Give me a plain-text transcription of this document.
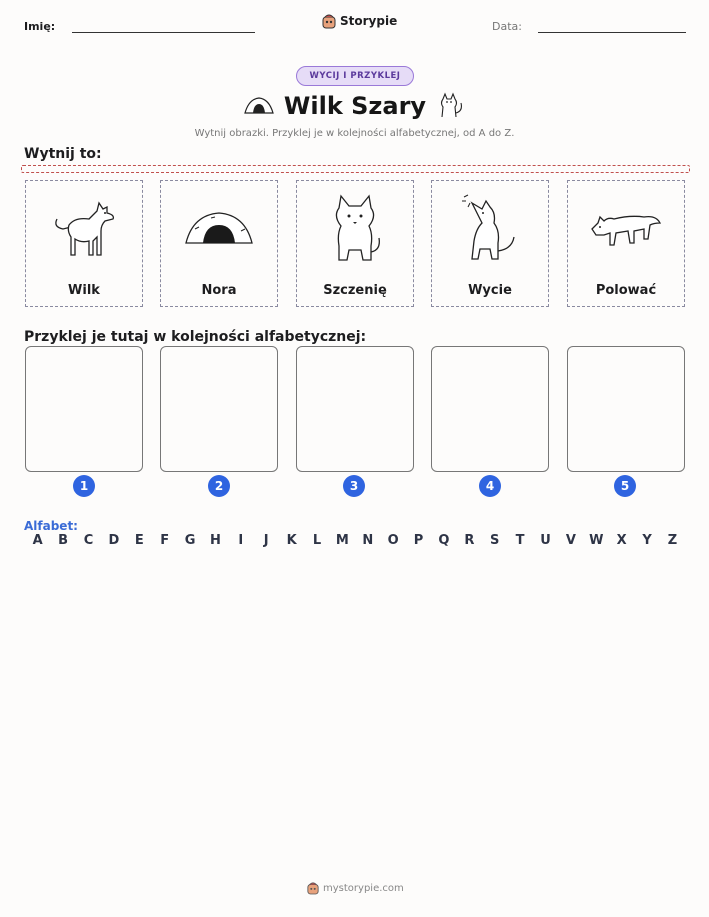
Imię:	Storypie	Data:
WYCIJ I PRZYKLEJ
Wilk Szary
Wytnij obrazki. Przyklej je w kolejności alfabetycznej, od A do Z.
Wytnij to:
Wilk	Nora	Szczenię	Wycie	Polować
Przyklej je tutaj w kolejności alfabetycznej:
1	2	3	4	5
Alfabet:
A	B	C	D	E	F	G	H	I	J	K	L	M	N	O	P	Q	R	S	T	U	V	W	X	Y	Z
mystorypie.com
